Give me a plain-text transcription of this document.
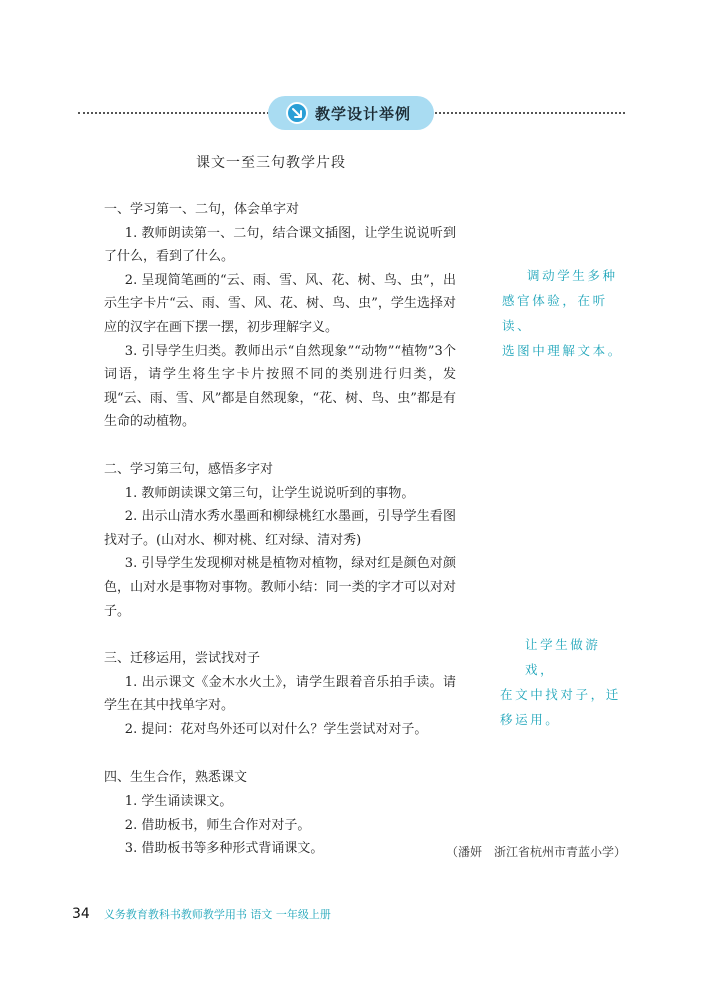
教学设计举例
课文一至三句教学片段

一、学习第一、二句，体会单字对

1. 教师朗读第一、二句，结合课文插图，让学生说说听到了什么，看到了什么。

2. 呈现简笔画的“云、雨、雪、风、花、树、鸟、虫”，出示生字卡片“云、雨、雪、风、花、树、鸟、虫”，学生选择对应的汉字在画下摆一摆，初步理解字义。

3. 引导学生归类。教师出示“自然现象”“动物”“植物”3个词语，请学生将生字卡片按照不同的类别进行归类，发现“云、雨、雪、风”都是自然现象，“花、树、鸟、虫”都是有生命的动植物。

二、学习第三句，感悟多字对

1. 教师朗读课文第三句，让学生说说听到的事物。

2. 出示山清水秀水墨画和柳绿桃红水墨画，引导学生看图找对子。(山对水、柳对桃、红对绿、清对秀)

3. 引导学生发现柳对桃是植物对植物，绿对红是颜色对颜色，山对水是事物对事物。教师小结：同一类的字才可以对对子。

三、迁移运用，尝试找对子

1. 出示课文《金木水火土》，请学生跟着音乐拍手读。请学生在其中找单字对。

2. 提问：花对鸟外还可以对什么？学生尝试对对子。

四、生生合作，熟悉课文

1. 学生诵读课文。

2. 借助板书，师生合作对对子。

3. 借助板书等多种形式背诵课文。

调动学生多种
感官体验，在听读、
选图中理解文本。
让学生做游戏，
在文中找对子，迁
移运用。
（潘妍　浙江省杭州市青蓝小学）
34 义务教育教科书教师教学用书 语文 一年级上册
